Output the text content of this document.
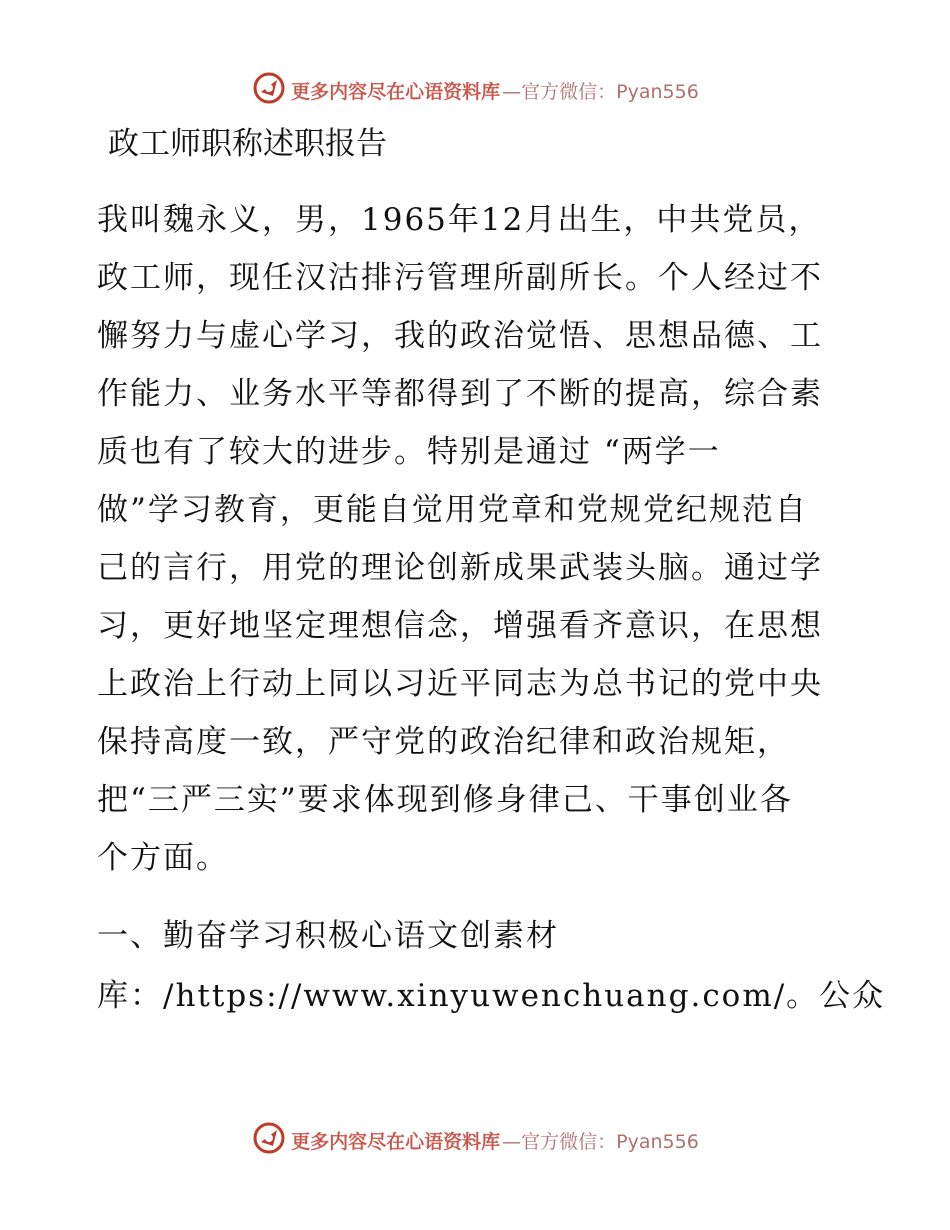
更多内容尽在心语资料库 —官方微信：Pyan556
政工师职称述职报告
我叫魏永义，男，1965年12月出生，中共党员，
政工师，现任汉沽排污管理所副所长。个人经过不
懈努力与虚心学习，我的政治觉悟、思想品德、工
作能力、业务水平等都得到了不断的提高，综合素
质也有了较大的进步。特别是通过 “两学一
做”学习教育，更能自觉用党章和党规党纪规范自
己的言行，用党的理论创新成果武装头脑。通过学
习，更好地坚定理想信念，增强看齐意识，在思想
上政治上行动上同以习近平同志为总书记的党中央
保持高度一致，严守党的政治纪律和政治规矩，
把“三严三实”要求体现到修身律己、干事创业各
个方面。
一、勤奋学习积极心语文创素材
库：/https://www.xinyuwenchuang.com/。公众
更多内容尽在心语资料库 —官方微信：Pyan556
